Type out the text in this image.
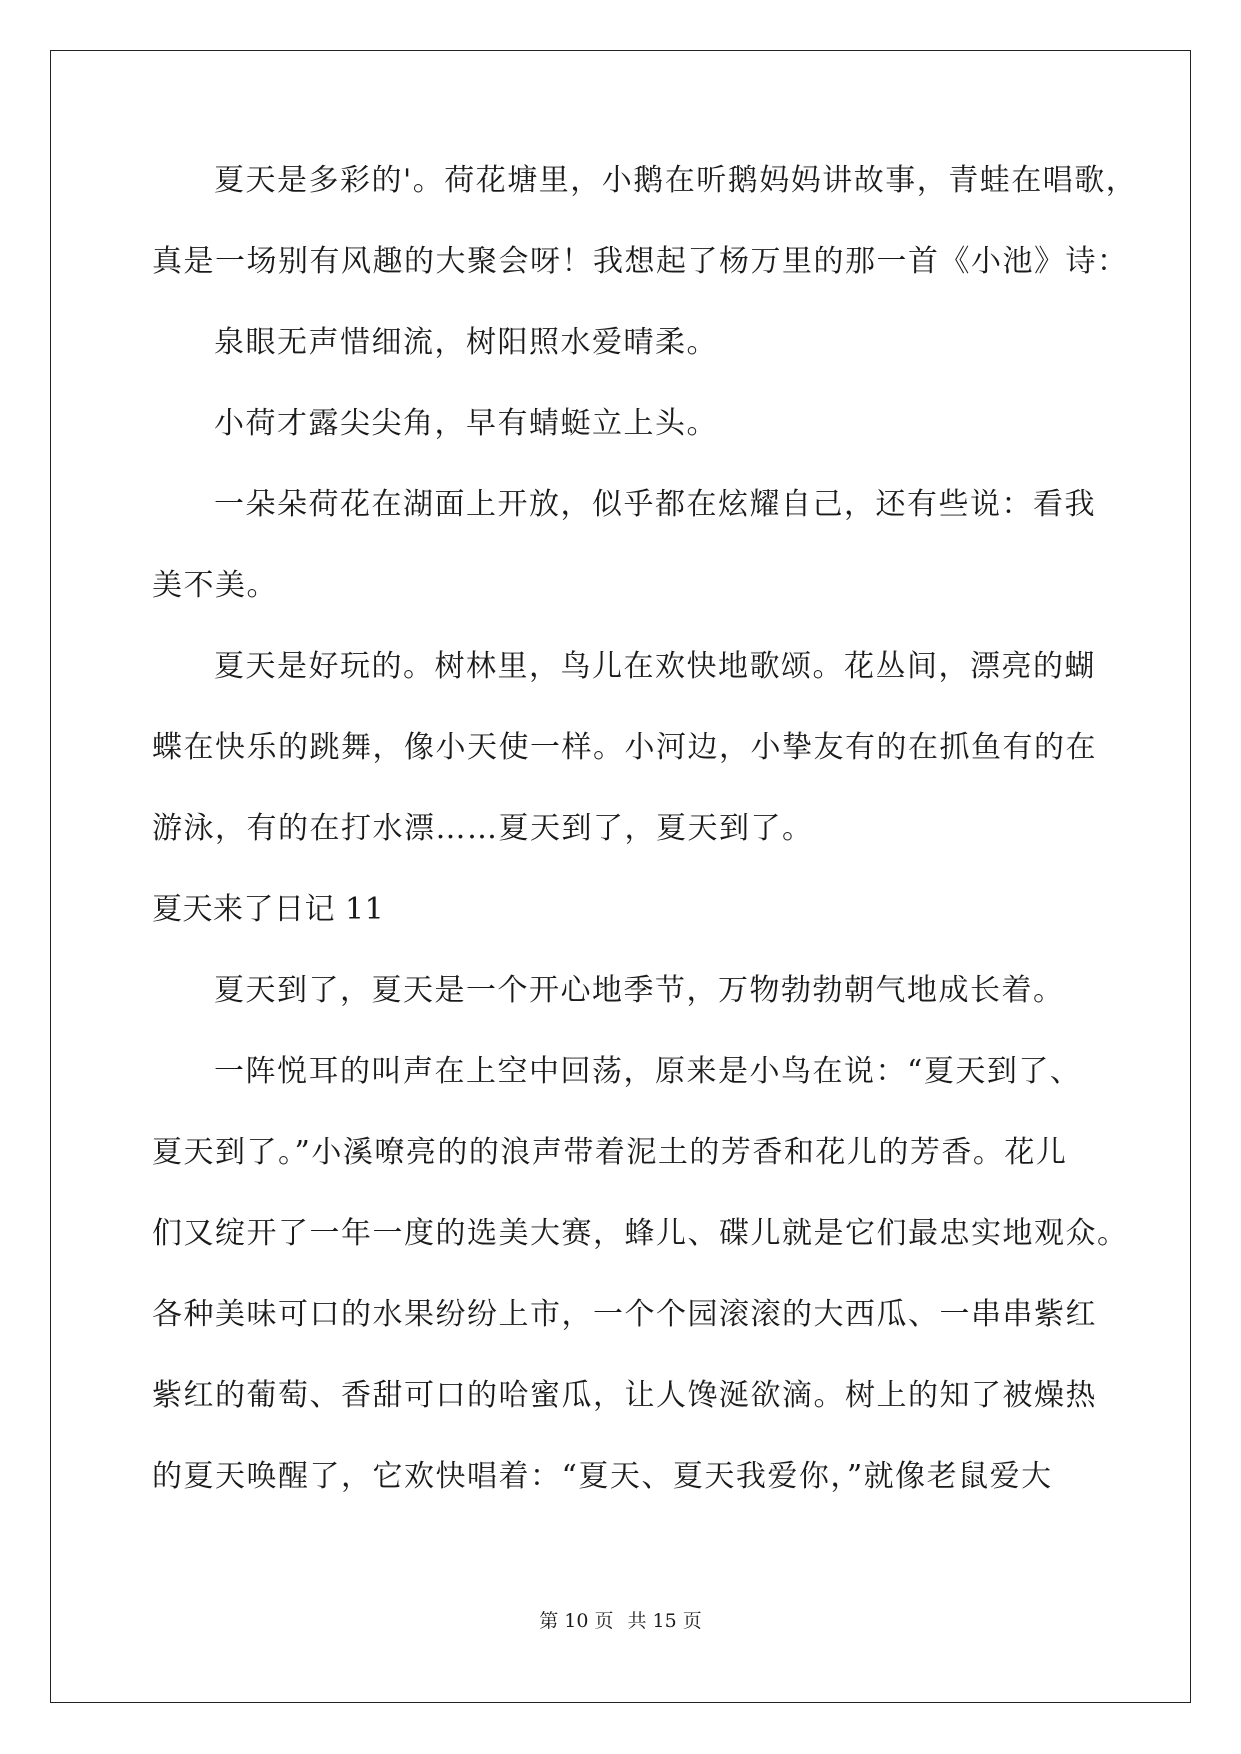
夏天是多彩的'。荷花塘里，小鹅在听鹅妈妈讲故事，青蛙在唱歌，
真是一场别有风趣的大聚会呀！我想起了杨万里的那一首《小池》诗：
泉眼无声惜细流，树阳照水爱晴柔。
小荷才露尖尖角，早有蜻蜓立上头。
一朵朵荷花在湖面上开放，似乎都在炫耀自己，还有些说：看我
美不美。
夏天是好玩的。树林里，鸟儿在欢快地歌颂。花丛间，漂亮的蝴
蝶在快乐的跳舞，像小天使一样。小河边，小挚友有的在抓鱼有的在
游泳，有的在打水漂……夏天到了，夏天到了。
夏天来了日记 11
夏天到了，夏天是一个开心地季节，万物勃勃朝气地成长着。
一阵悦耳的叫声在上空中回荡，原来是小鸟在说：“夏天到了、
夏天到了。”小溪嘹亮的的浪声带着泥土的芳香和花儿的芳香。花儿
们又绽开了一年一度的选美大赛，蜂儿、碟儿就是它们最忠实地观众。
各种美味可口的水果纷纷上市，一个个园滚滚的大西瓜、一串串紫红
紫红的葡萄、香甜可口的哈蜜瓜，让人馋涎欲滴。树上的知了被燥热
的夏天唤醒了，它欢快唱着：“夏天、夏天我爱你，”就像老鼠爱大
第 10 页 共 15 页
